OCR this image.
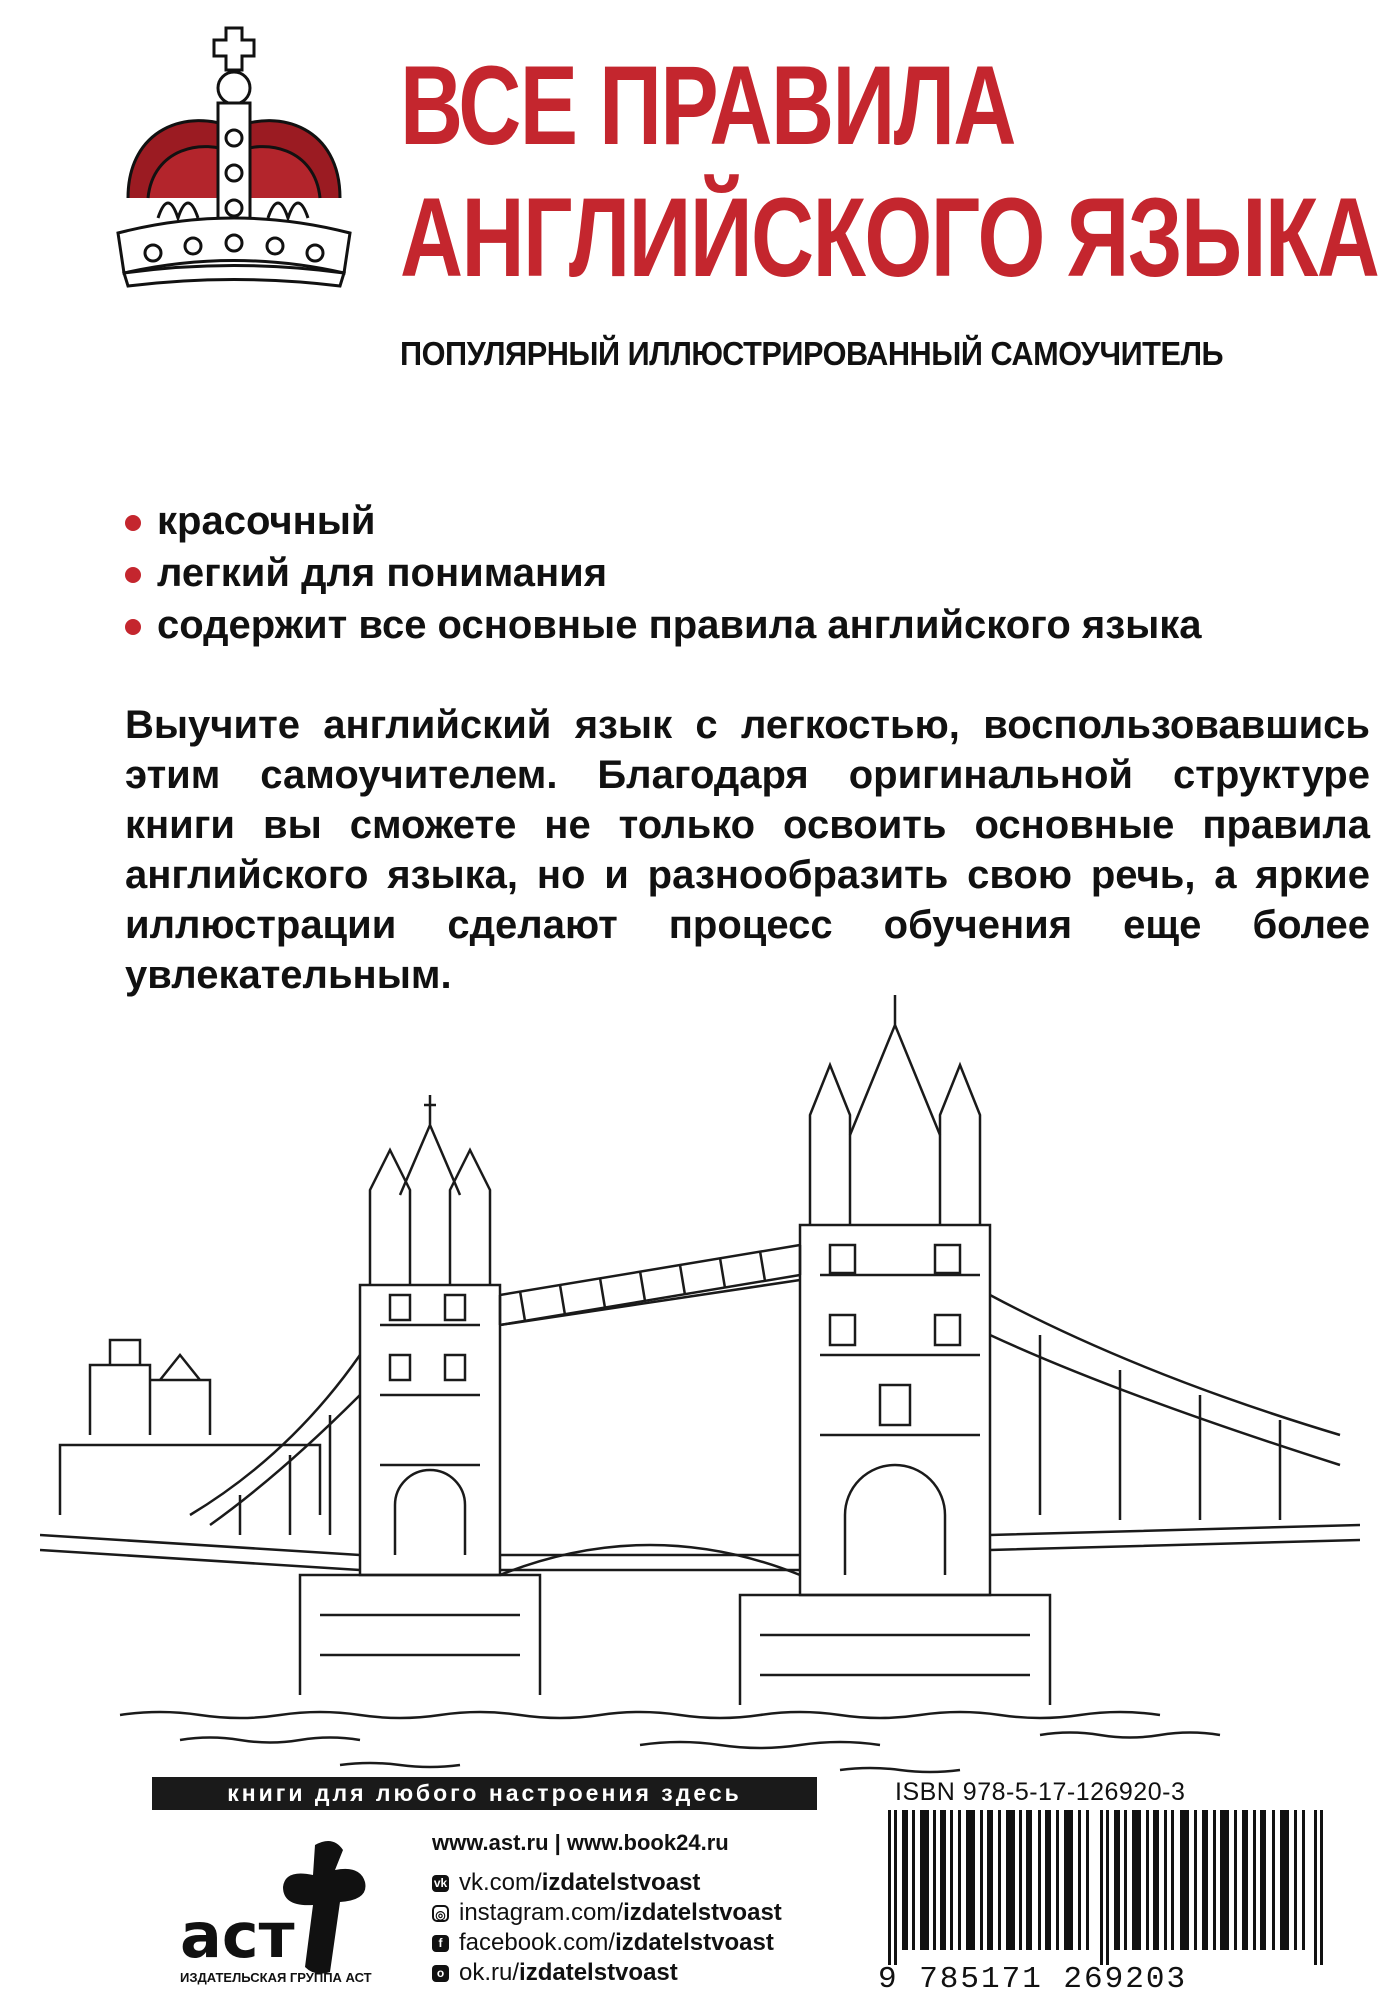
ВСЕ ПРАВИЛА
АНГЛИЙСКОГО ЯЗЫКА
ПОПУЛЯРНЫЙ ИЛЛЮСТРИРОВАННЫЙ САМОУЧИТЕЛЬ
красочный
легкий для понимания
содержит все основные правила английского языка
Выучите английский язык с легкостью, воспользовавшись этим самоучителем. Благодаря оригинальной структуре книги вы сможете не только освоить основные правила английского языка, но и разнообразить свою речь, а яркие иллюстрации сделают процесс обучения еще более увлекательным.
книги для любого настроения здесь	ISBN 978-5-17-126920-3
9 785171 269203
аст
ИЗДАТЕЛЬСКАЯ ГРУППА АСТ
www.ast.ru | www.book24.ru
vk vk.com/ izdatelstvoast
◎ instagram.com/ izdatelstvoast
f facebook.com/ izdatelstvoast
o ok.ru/ izdatelstvoast
